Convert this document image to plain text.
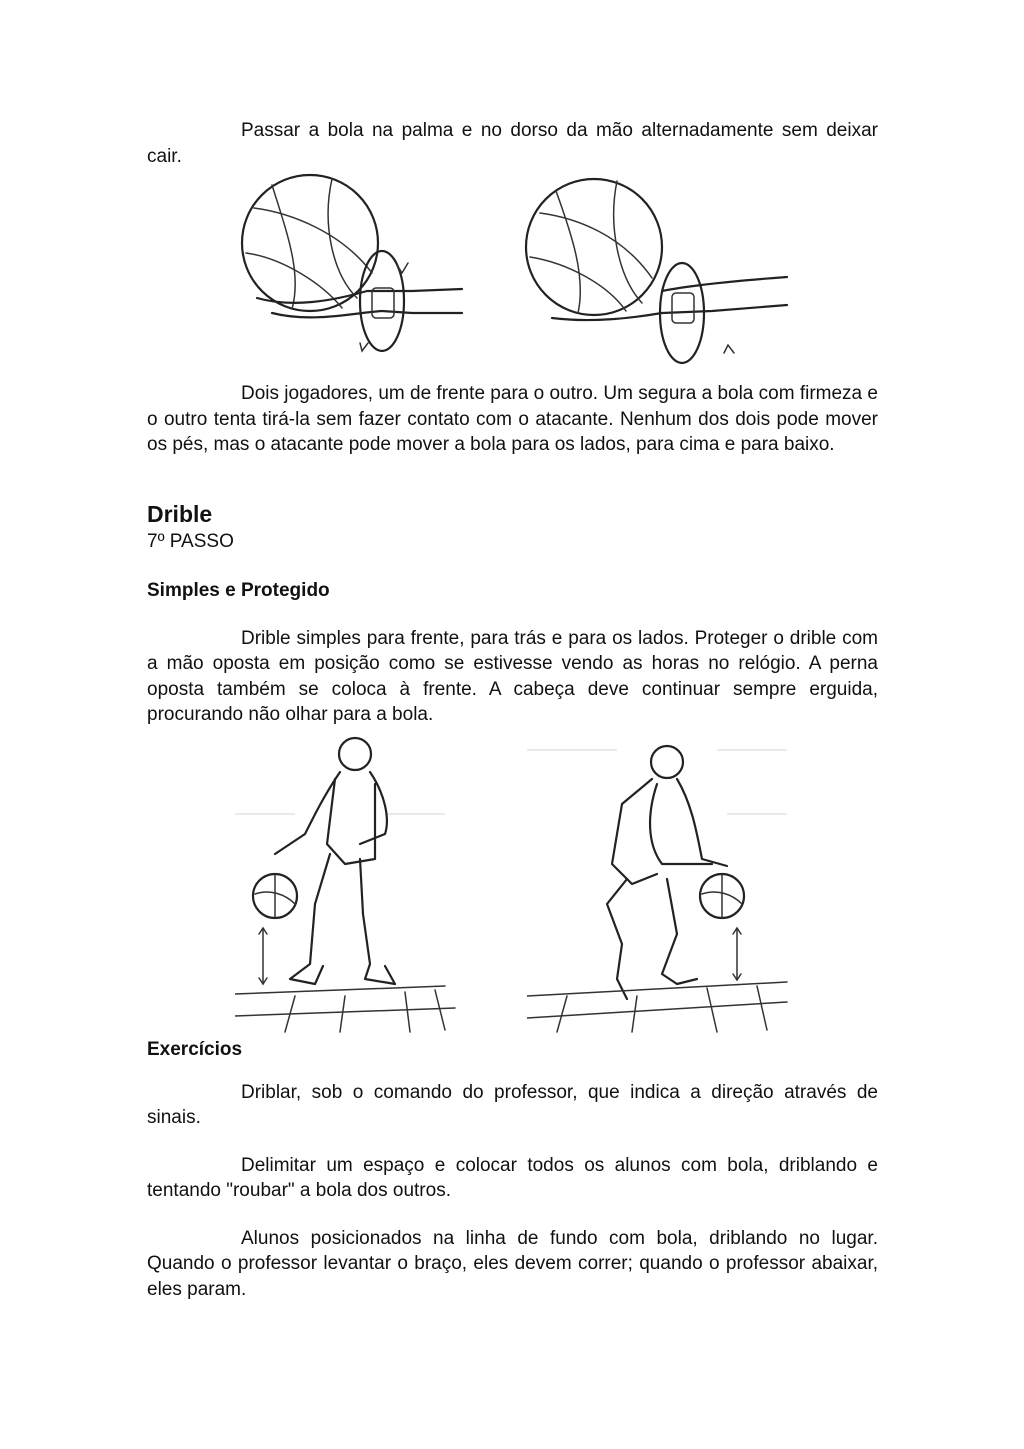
Passar a bola na palma e no dorso da mão alternadamente sem deixar cair.

Dois jogadores, um de frente para o outro. Um segura a bola com firmeza e o outro tenta tirá-la sem fazer contato com o atacante. Nenhum dos dois pode mover os pés, mas o atacante pode mover a bola para os lados, para cima e para baixo.

Drible

7º PASSO

Simples e Protegido

Drible simples para frente, para trás e para os lados. Proteger o drible com a mão oposta em posição como se estivesse vendo as horas no relógio. A perna oposta também se coloca à frente. A cabeça deve continuar sempre erguida, procurando não olhar para a bola.

Exercícios

Driblar, sob o comando do professor, que indica a direção através de sinais.

Delimitar um espaço e colocar todos os alunos com bola, driblando e tentando "roubar" a bola dos outros.

Alunos posicionados na linha de fundo com bola, driblando no lugar. Quando o professor levantar o braço, eles devem correr; quando o professor abaixar, eles param.
